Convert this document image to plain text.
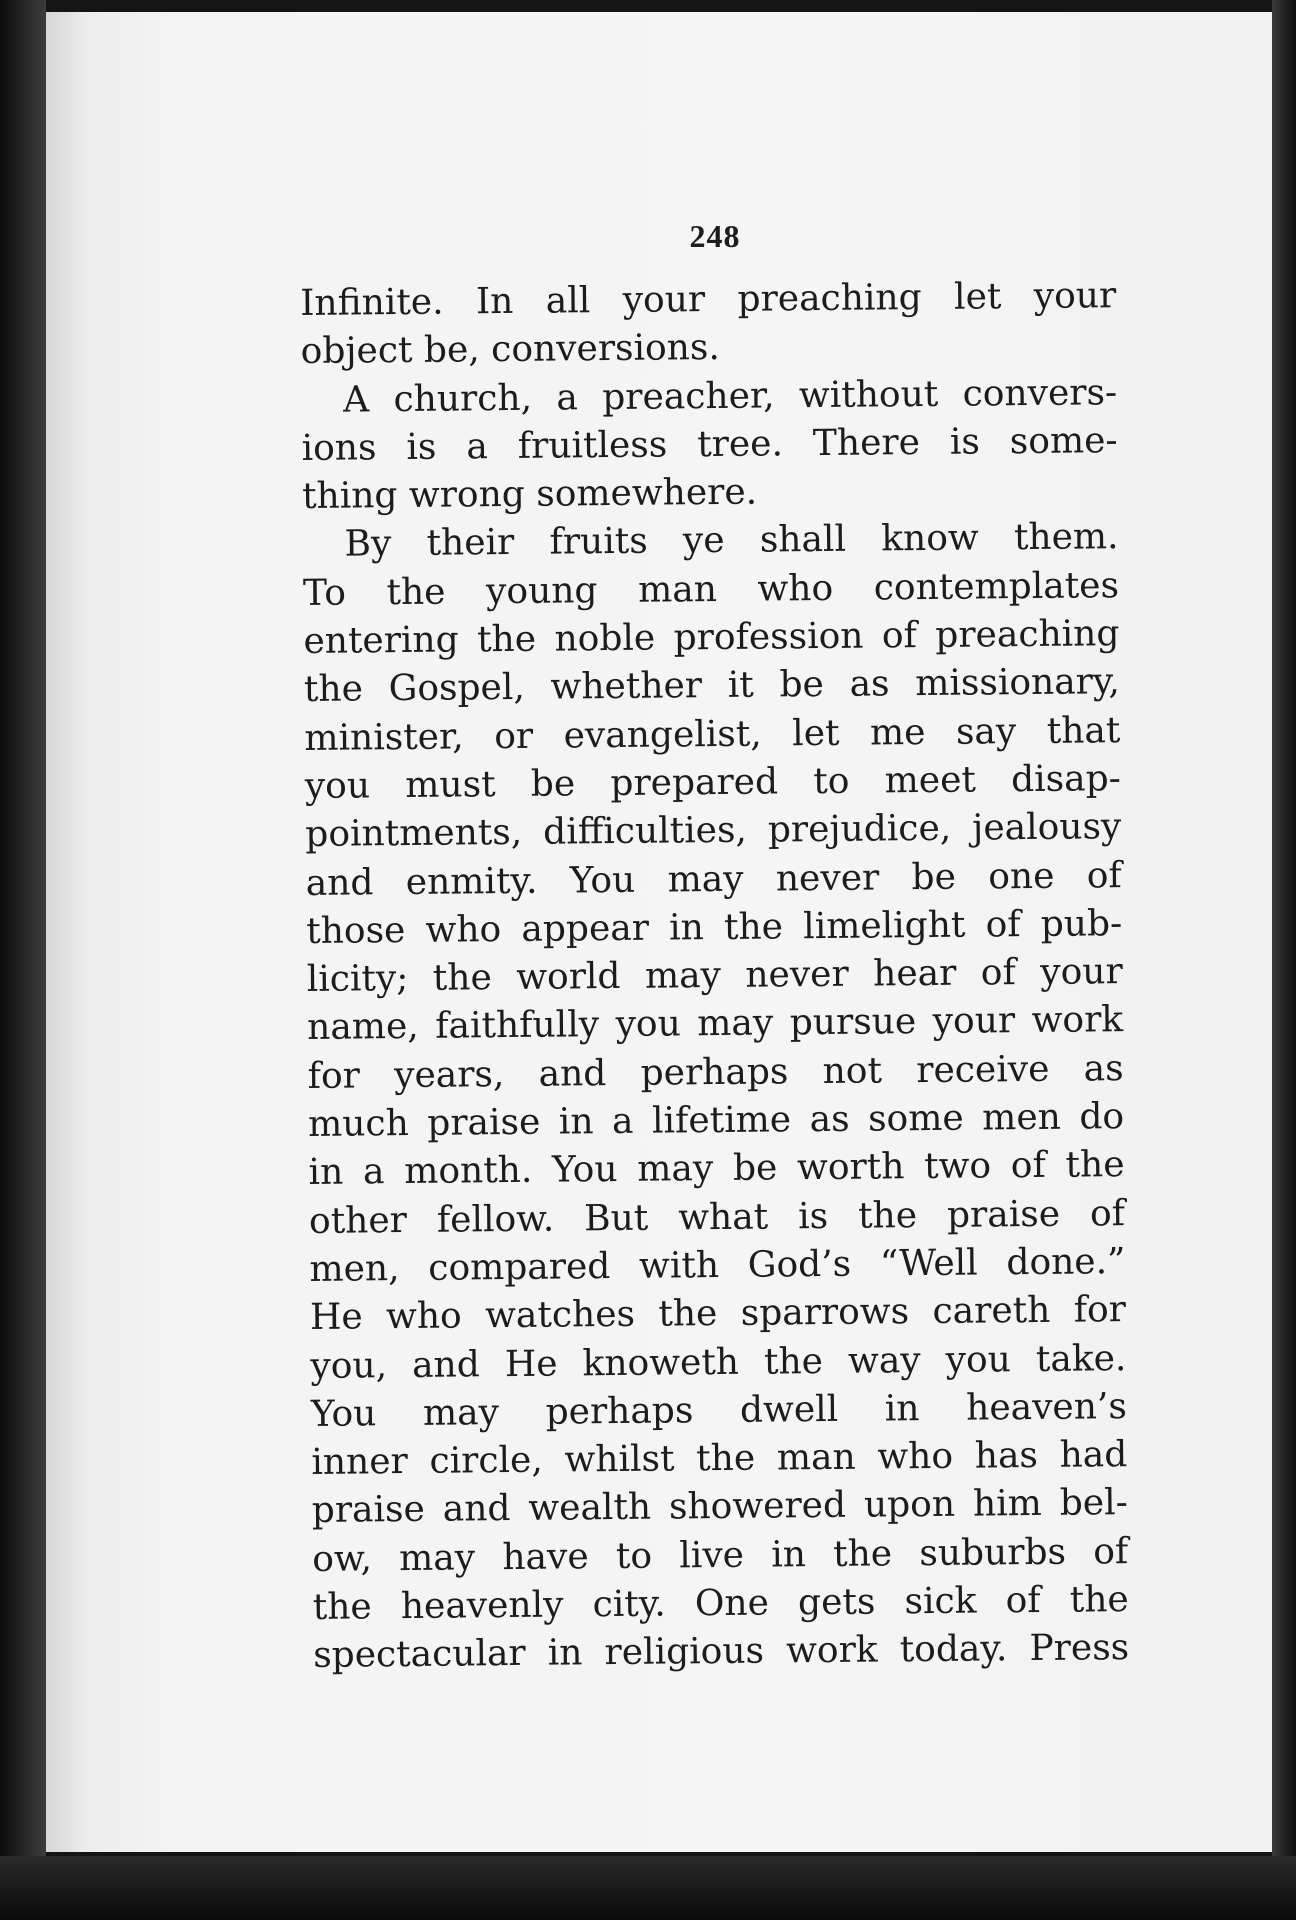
248
Infinite. In all your preaching let your
object be, conversions.
A church, a preacher, without convers-
ions is a fruitless tree. There is some-
thing wrong somewhere.
By their fruits ye shall know them.
To the young man who contemplates
entering the noble profession of preaching
the Gospel, whether it be as missionary,
minister, or evangelist, let me say that
you must be prepared to meet disap-
pointments, difficulties, prejudice, jealousy
and enmity. You may never be one of
those who appear in the limelight of pub-
licity; the world may never hear of your
name, faithfully you may pursue your work
for years, and perhaps not receive as
much praise in a lifetime as some men do
in a month. You may be worth two of the
other fellow. But what is the praise of
men, compared with God’s “Well done.”
He who watches the sparrows careth for
you, and He knoweth the way you take.
You may perhaps dwell in heaven’s
inner circle, whilst the man who has had
praise and wealth showered upon him bel-
ow, may have to live in the suburbs of
the heavenly city. One gets sick of the
spectacular in religious work today. Press
